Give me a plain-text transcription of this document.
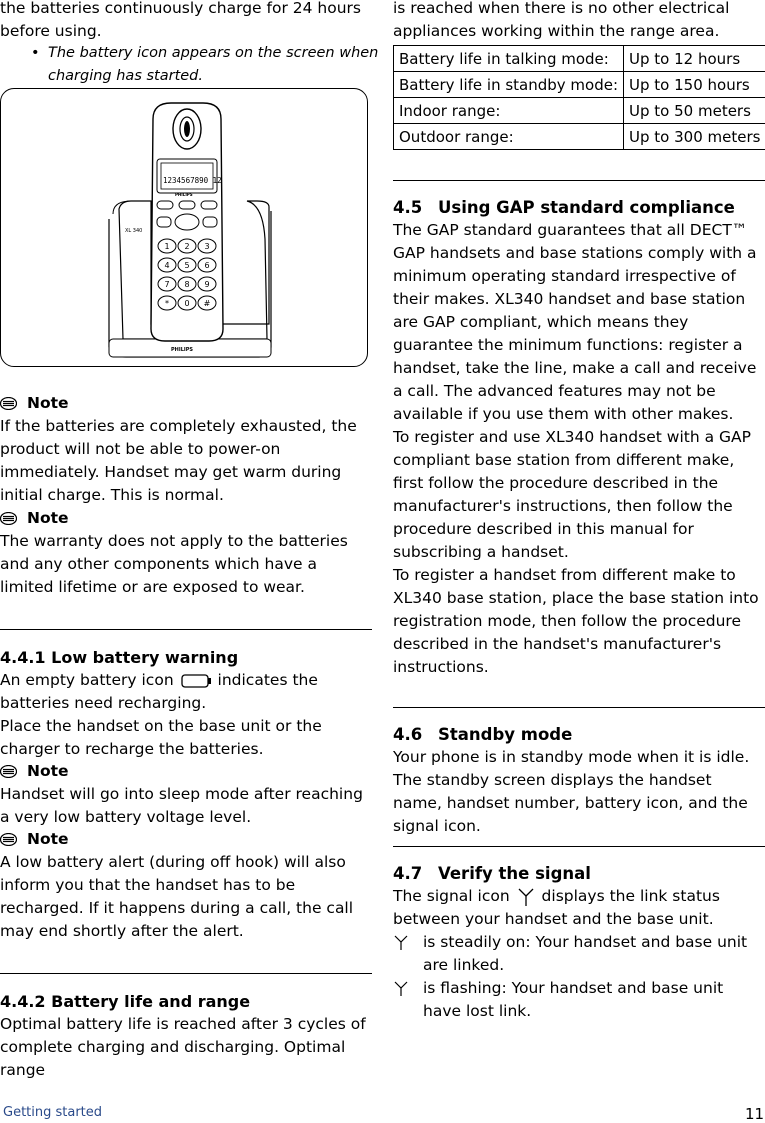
the batteries continuously charge for 24 hours before using.

• The battery icon appears on the screen when charging has started.
PHILIPS
XL 340
1234567890 12
PHILIPS
1 2 3
4 5 6
7 8 9
* 0 #
Note

If the batteries are completely exhausted, the product will not be able to power-on immediately. Handset may get warm during initial charge. This is normal.

Note

The warranty does not apply to the batteries and any other components which have a limited lifetime or are exposed to wear.

4.4.1 Low battery warning

An empty battery icon	indicates the batteries need recharging.

Place the handset on the base unit or the charger to recharge the batteries.

Note

Handset will go into sleep mode after reaching a very low battery voltage level.

Note

A low battery alert (during off hook) will also inform you that the handset has to be recharged. If it happens during a call, the call may end shortly after the alert.

4.4.2 Battery life and range

Optimal battery life is reached after 3 cycles of complete charging and discharging. Optimal range

is reached when there is no other electrical appliances working within the range area.

Battery life in talking mode:	Up to 12 hours
Battery life in standby mode:	Up to 150 hours
Indoor range:	Up to 50 meters
Outdoor range:	Up to 300 meters
4.5 Using GAP standard compliance

The GAP standard guarantees that all DECT™ GAP handsets and base stations comply with a minimum operating standard irrespective of their makes. XL340 handset and base station are GAP compliant, which means they guarantee the minimum functions: register a handset, take the line, make a call and receive a call. The advanced features may not be available if you use them with other makes.

To register and use XL340 handset with a GAP compliant base station from different make, first follow the procedure described in the manufacturer's instructions, then follow the procedure described in this manual for subscribing a handset.

To register a handset from different make to XL340 base station, place the base station into registration mode, then follow the procedure described in the handset's manufacturer's instructions.

4.6 Standby mode

Your phone is in standby mode when it is idle. The standby screen displays the handset name, handset number, battery icon, and the signal icon.

4.7 Verify the signal

The signal icon displays the link status between your handset and the base unit.

is steadily on: Your handset and base unit are linked.
is flashing: Your handset and base unit have lost link.
Getting started	11
